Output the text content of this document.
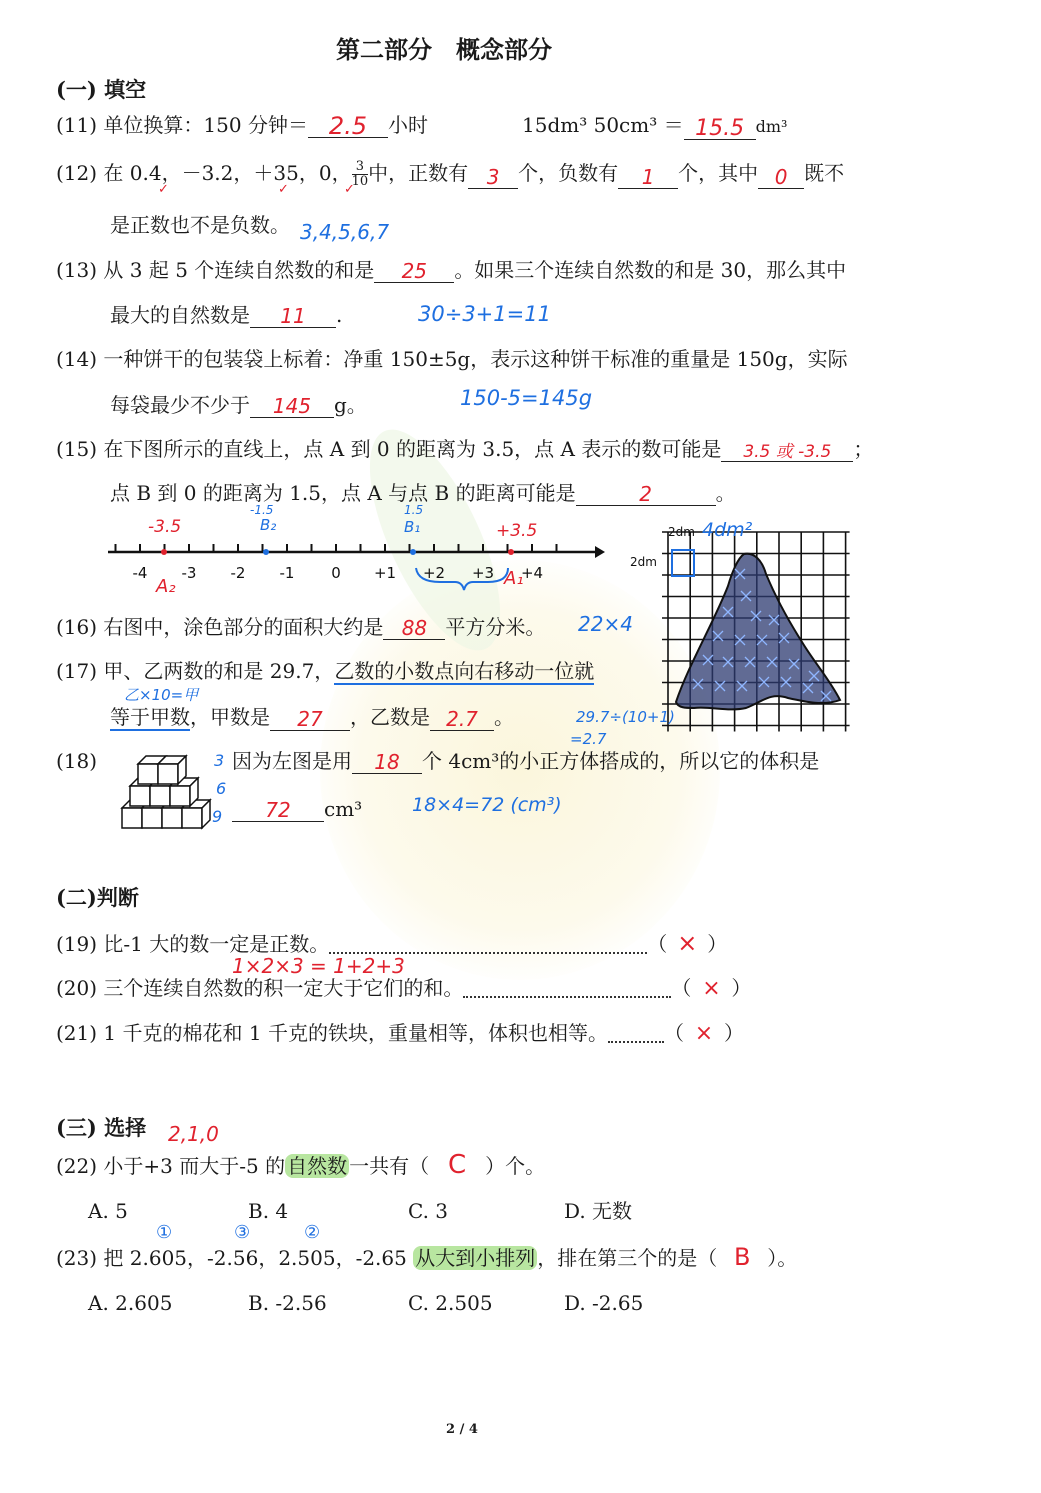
第二部分　概念部分
(一) 填空
(11) 单位换算：150 分钟＝ 2.5 小时	15dm³ 50cm³ ＝ 15.5 dm³
(12) 在 0.4，－3.2，＋35，0， $\frac{3}{10}$ 中，正数有 3 个，负数有 1 个，其中 0 既不
✓	✓	✓
是正数也不是负数。 3,4,5,6,7
(13) 从 3 起 5 个连续自然数的和是 25 。如果三个连续自然数的和是 30，那么其中
最大的自然数是 11 .	30÷3+1=11
(14) 一种饼干的包装袋上标着：净重 150±5g，表示这种饼干标准的重量是 150g，实际
每袋最少不少于 145 g。	150-5=145g
(15) 在下图所示的直线上，点 A 到 0 的距离为 3.5，点 A 表示的数可能是 3.5 或 -3.5 ；
点 B 到 0 的距离为 1.5，点 A 与点 B 的距离可能是	2	。
-4 -3 -2 -1 0 +1 +2 +3 +4
-3.5
A₂
-1.5
B₂
1.5
B₁	+3.5
A₁
2dm
2dm
4dm²
(16) 右图中，涂色部分的面积大约是 88 平方分米。 22×4
(17) 甲、乙两数的和是 29.7，乙数的小数点向右移动一位就
乙×10=甲
等于甲数，甲数是 27 ，乙数是 2.7 。	29.7÷(10+1)
=2.7
(18)	3
6
9
因为左图是用 18 个 4cm³的小正方体搭成的，所以它的体积是
72 cm³	18×4=72 (cm³)
(二)判断
(19) 比-1 大的数一定是正数。	（ × ）
1×2×3 = 1+2+3
(20) 三个连续自然数的积一定大于它们的和。	（ × ）
(21) 1 千克的棉花和 1 千克的铁块，重量相等，体积也相等。	（ × ）
(三) 选择 2,1,0
(22) 小于+3 而大于-5 的 自然数 一共有（ C ）个。
A. 5	B. 4	C. 3	D. 无数
①	③	②
(23) 把 2.605，-2.56，2.505，-2.65 从大到小排列 ，排在第三个的是（ B ）。
A. 2.605	B. -2.56	C. 2.505	D. -2.65
2 / 4
